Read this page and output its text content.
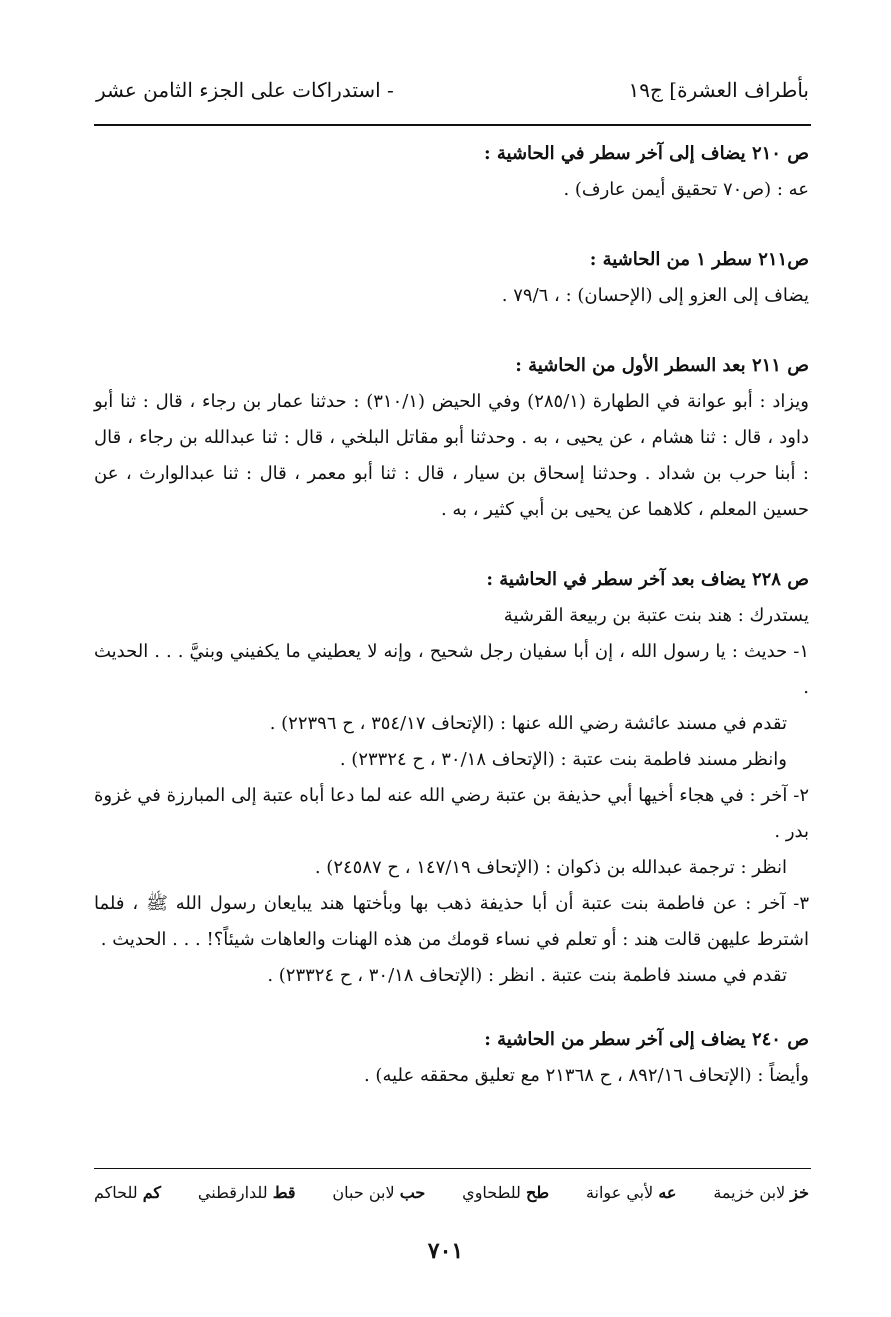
بأطراف العشرة] ج١٩
- استدراكات على الجزء الثامن عشر

ص ٢١٠ يضاف إلى آخر سطر في الحاشية :

عه : (ص٧٠ تحقيق أيمن عارف) .

ص٢١١ سطر ١ من الحاشية :

يضاف إلى العزو إلى (الإحسان) : ، ٧٩/٦ .

ص ٢١١ بعد السطر الأول من الحاشية :

ويزاد : أبو عوانة في الطهارة (٢٨٥/١) وفي الحيض (٣١٠/١) : حدثنا عمار بن رجاء ، قال : ثنا أبو داود ، قال : ثنا هشام ، عن يحيى ، به . وحدثنا أبو مقاتل البلخي ، قال : ثنا عبدالله بن رجاء ، قال : أبنا حرب بن شداد . وحدثنا إسحاق بن سيار ، قال : ثنا أبو معمر ، قال : ثنا عبدالوارث ، عن حسين المعلم ، كلاهما عن يحيى بن أبي كثير ، به .

ص ٢٢٨ يضاف بعد آخر سطر في الحاشية :

يستدرك : هند بنت عتبة بن ربيعة القرشية

١- حديث : يا رسول الله ، إن أبا سفيان رجل شحيح ، وإنه لا يعطيني ما يكفيني وبنيَّ . . . الحديث .

تقدم في مسند عائشة رضي الله عنها : (الإتحاف ٣٥٤/١٧ ، ح ٢٢٣٩٦) .

وانظر مسند فاطمة بنت عتبة : (الإتحاف ٣٠/١٨ ، ح ٢٣٣٢٤) .

٢- آخر : في هجاء أخيها أبي حذيفة بن عتبة رضي الله عنه لما دعا أباه عتبة إلى المبارزة في غزوة بدر .

انظر : ترجمة عبدالله بن ذكوان : (الإتحاف ١٤٧/١٩ ، ح ٢٤٥٨٧) .

٣- آخر : عن فاطمة بنت عتبة أن أبا حذيفة ذهب بها وبأختها هند يبايعان رسول الله ﷺ ، فلما اشترط عليهن قالت هند : أو تعلم في نساء قومك من هذه الهنات والعاهات شيئاً؟! . . . الحديث .

تقدم في مسند فاطمة بنت عتبة . انظر : (الإتحاف ٣٠/١٨ ، ح ٢٣٣٢٤) .

ص ٢٤٠ يضاف إلى آخر سطر من الحاشية :

وأيضاً : (الإتحاف ٨٩٢/١٦ ، ح ٢١٣٦٨ مع تعليق محققه عليه) .

خز لابن خزيمة
عه لأبي عوانة
طح للطحاوي
حب لابن حبان
قط للدارقطني
كم للحاكم
٧٠١
